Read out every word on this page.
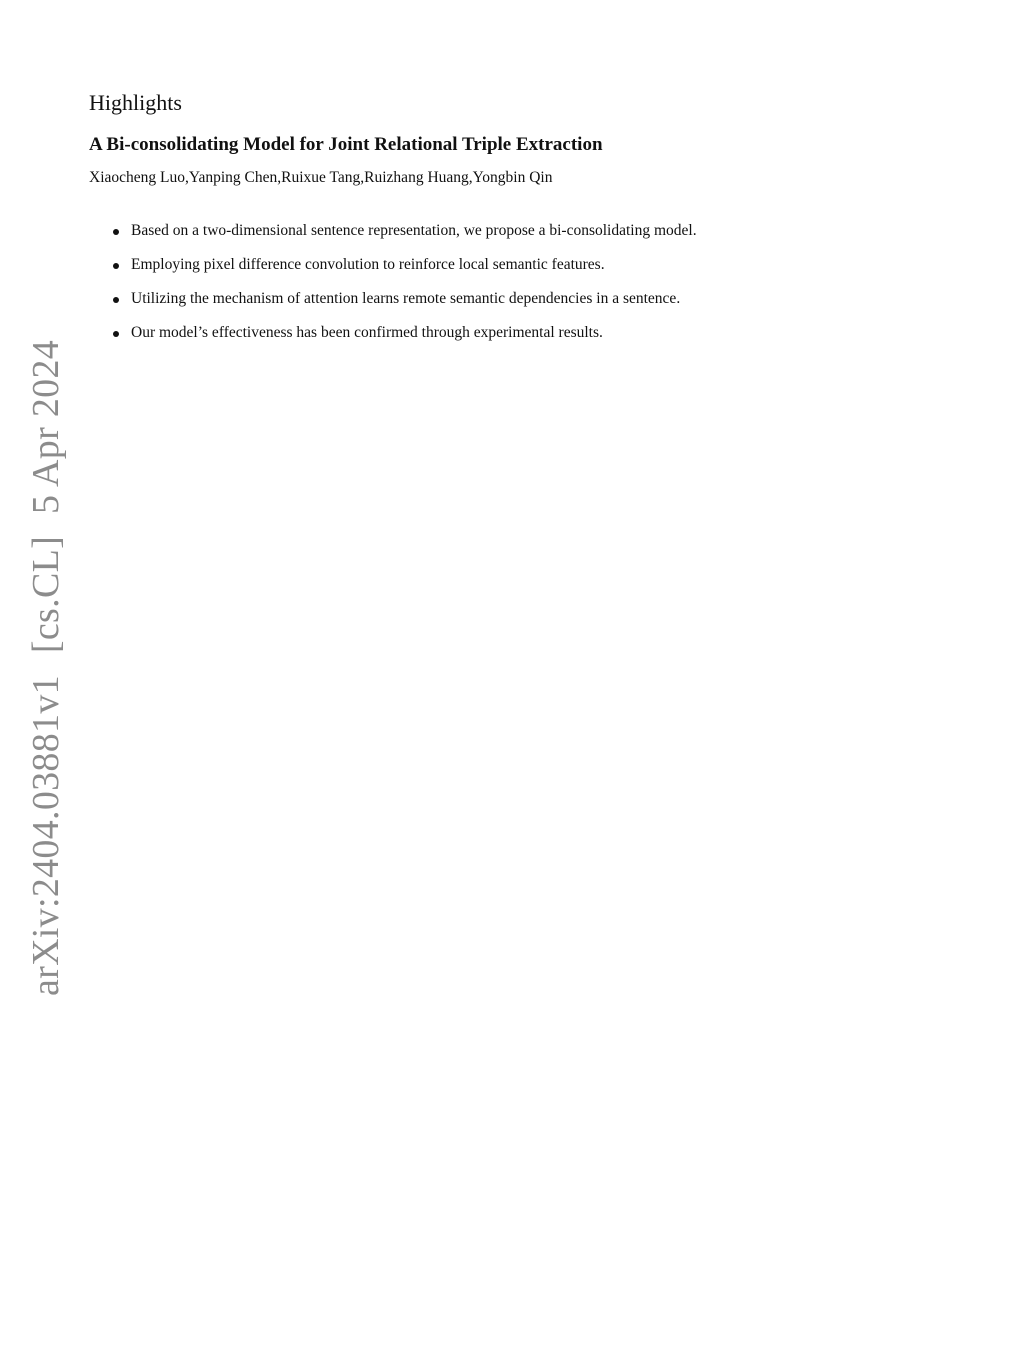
arXiv:2404.03881v1[cs.CL]5 Apr 2024
Highlights
A Bi-consolidating Model for Joint Relational Triple Extraction

Xiaocheng Luo,Yanping Chen,Ruixue Tang,Ruizhang Huang,Yongbin Qin

Based on a two-dimensional sentence representation, we propose a bi-consolidating model.
Employing pixel difference convolution to reinforce local semantic features.
Utilizing the mechanism of attention learns remote semantic dependencies in a sentence.
Our model’s effectiveness has been confirmed through experimental results.
